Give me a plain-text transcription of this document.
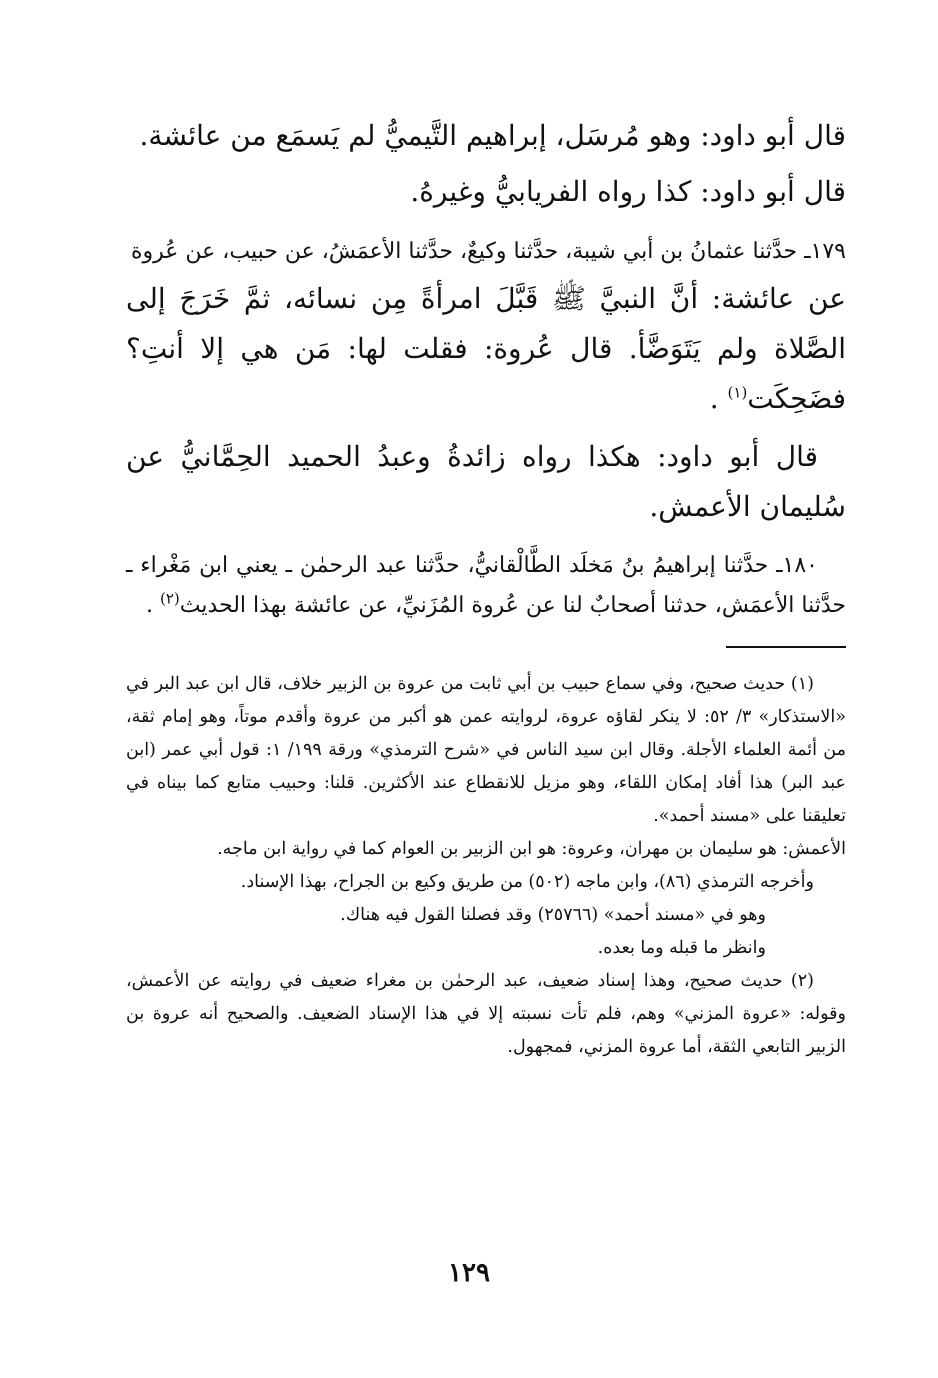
قال أبو داود: وهو مُرسَل، إبراهيم التَّيميُّ لم يَسمَع من عائشة.

قال أبو داود: كذا رواه الفريابيُّ وغيرهُ.

١٧٩ـ حدَّثنا عثمانُ بن أبي شيبة، حدَّثنا وكيعٌ، حدَّثنا الأعمَشُ، عن حبيب، عن عُروة

عن عائشة: أنَّ النبيَّ ﷺ قَبَّلَ امرأةً مِن نسائه، ثمَّ خَرَجَ إلى الصَّلاة ولم يَتَوَضَّأ. قال عُروة: فقلت لها: مَن هي إلا أنتِ؟ فضَحِكَت$^{(١)}$ .

قال أبو داود: هكذا رواه زائدةُ وعبدُ الحميد الحِمَّانيُّ عن سُليمان الأعمش.

١٨٠ـ حدَّثنا إبراهيمُ بنُ مَخلَد الطَّالْقانيُّ، حدَّثنا عبد الرحمٰن ـ يعني ابن مَغْراء ـ حدَّثنا الأعمَش، حدثنا أصحابٌ لنا عن عُروة المُزَنيِّ، عن عائشة بهذا الحديث$^{(٢)}$ .

(١) حديث صحيح، وفي سماع حبيب بن أبي ثابت من عروة بن الزبير خلاف، قال ابن عبد البر في «الاستذكار» ٣/ ٥٢: لا ينكر لقاؤه عروة، لروايته عمن هو أكبر من عروة وأقدم موتاً، وهو إمام ثقة، من أئمة العلماء الأجلة. وقال ابن سيد الناس في «شرح الترمذي» ورقة ١٩٩/ ١: قول أبي عمر (ابن عبد البر) هذا أفاد إمكان اللقاء، وهو مزيل للانقطاع عند الأكثرين. قلنا: وحبيب متابع كما بيناه في تعليقنا على «مسند أحمد».

الأعمش: هو سليمان بن مهران، وعروة: هو ابن الزبير بن العوام كما في رواية ابن ماجه.

وأخرجه الترمذي (٨٦)، وابن ماجه (٥٠٢) من طريق وكيع بن الجراح، بهذا الإسناد.

وهو في «مسند أحمد» (٢٥٧٦٦) وقد فصلنا القول فيه هناك.

وانظر ما قبله وما بعده.

(٢) حديث صحيح، وهذا إسناد ضعيف، عبد الرحمٰن بن مغراء ضعيف في روايته عن الأعمش، وقوله: «عروة المزني» وهم، فلم تأت نسبته إلا في هذا الإسناد الضعيف. والصحيح أنه عروة بن الزبير التابعي الثقة، أما عروة المزني، فمجهول.

١٢٩
